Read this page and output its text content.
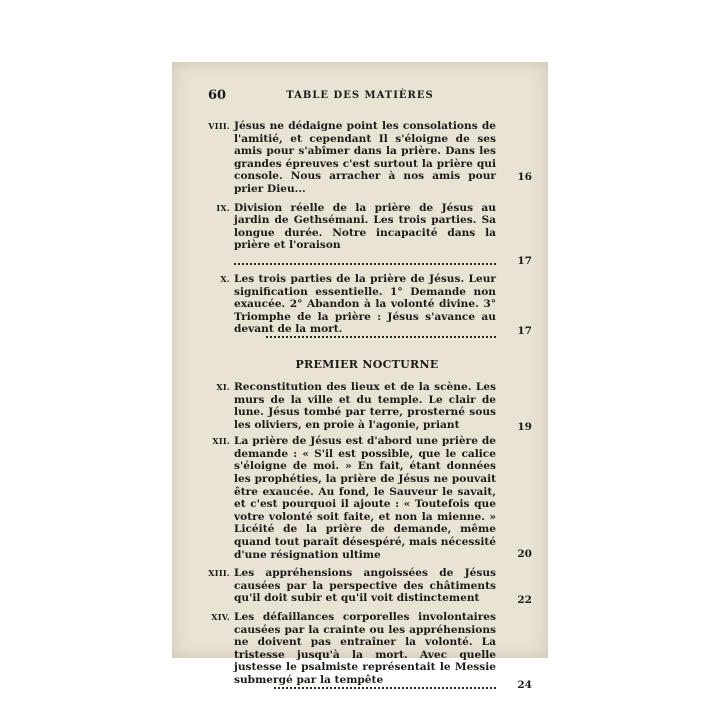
60	TABLE DES MATIÈRES
VIII. Jésus ne dédaigne point les consolations de l'amitié, et cependant Il s'éloigne de ses amis pour s'abîmer dans la prière. Dans les grandes épreuves c'est surtout la prière qui console. Nous arracher à nos amis pour prier Dieu...
16
IX. Division réelle de la prière de Jésus au jardin de Gethsémani. Les trois parties. Sa longue durée. Notre incapacité dans la prière et l'oraison
17
X. Les trois parties de la prière de Jésus. Leur signification essentielle. 1° Demande non exaucée. 2° Abandon à la volonté divine. 3° Triomphe de la prière : Jésus s'avance au devant de la mort.	17
PREMIER NOCTURNE
XI. Reconstitution des lieux et de la scène. Les murs de la ville et du temple. Le clair de lune. Jésus tombé par terre, prosterné sous les oliviers, en proie à l'agonie, priant	19
XII. La prière de Jésus est d'abord une prière de demande : « S'il est possible, que le calice s'éloigne de moi. » En fait, étant données les prophéties, la prière de Jésus ne pouvait être exaucée. Au fond, le Sauveur le savait, et c'est pourquoi il ajoute : « Toutefois que votre volonté soit faite, et non la mienne. » Licéité de la prière de demande, même quand tout paraît désespéré, mais nécessité d'une résignation ultime	20
XIII. Les appréhensions angoissées de Jésus causées par la perspective des châtiments qu'il doit subir et qu'il voit distinctement	22
XIV. Les défaillances corporelles involontaires causées par la crainte ou les appréhensions ne doivent pas entraîner la volonté. La tristesse jusqu'à la mort. Avec quelle justesse le psalmiste représentait le Messie submergé par la tempête	24
